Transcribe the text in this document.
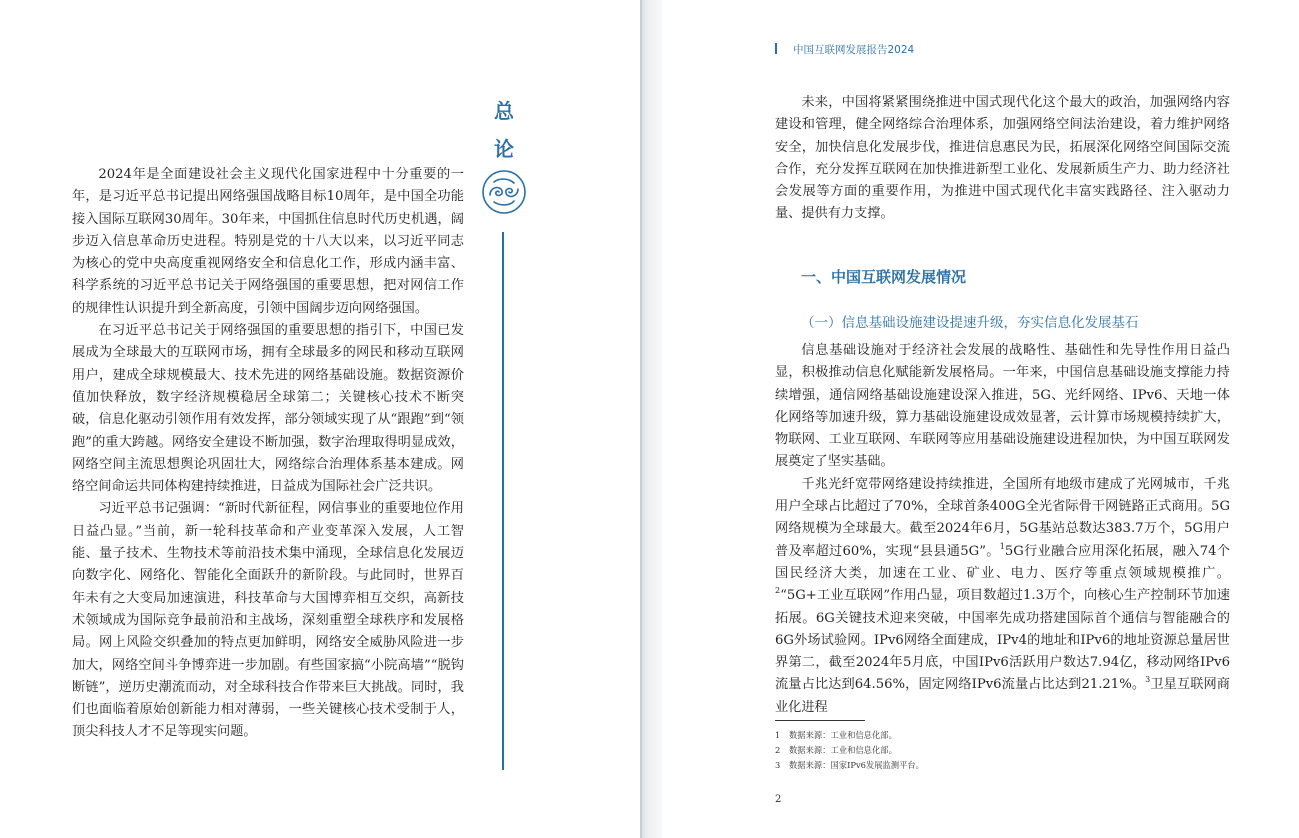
总
论

2024年是全面建设社会主义现代化国家进程中十分重要的一年，是习近平总书记提出网络强国战略目标10周年，是中国全功能接入国际互联网30周年。30年来，中国抓住信息时代历史机遇，阔步迈入信息革命历史进程。特别是党的十八大以来，以习近平同志为核心的党中央高度重视网络安全和信息化工作，形成内涵丰富、科学系统的习近平总书记关于网络强国的重要思想，把对网信工作的规律性认识提升到全新高度，引领中国阔步迈向网络强国。

在习近平总书记关于网络强国的重要思想的指引下，中国已发展成为全球最大的互联网市场，拥有全球最多的网民和移动互联网用户，建成全球规模最大、技术先进的网络基础设施。数据资源价值加快释放，数字经济规模稳居全球第二；关键核心技术不断突破，信息化驱动引领作用有效发挥，部分领域实现了从“跟跑”到“领跑”的重大跨越。网络安全建设不断加强，数字治理取得明显成效，网络空间主流思想舆论巩固壮大，网络综合治理体系基本建成。网络空间命运共同体构建持续推进，日益成为国际社会广泛共识。

习近平总书记强调：“新时代新征程，网信事业的重要地位作用日益凸显。”当前，新一轮科技革命和产业变革深入发展，人工智能、量子技术、生物技术等前沿技术集中涌现，全球信息化发展迈向数字化、网络化、智能化全面跃升的新阶段。与此同时，世界百年未有之大变局加速演进，科技革命与大国博弈相互交织，高新技术领域成为国际竞争最前沿和主战场，深刻重塑全球秩序和发展格局。网上风险交织叠加的特点更加鲜明，网络安全威胁风险进一步加大，网络空间斗争博弈进一步加剧。有些国家搞“小院高墙”“脱钩断链”，逆历史潮流而动，对全球科技合作带来巨大挑战。同时，我们也面临着原始创新能力相对薄弱，一些关键核心技术受制于人，顶尖科技人才不足等现实问题。

中国互联网发展报告2024

未来，中国将紧紧围绕推进中国式现代化这个最大的政治，加强网络内容建设和管理，健全网络综合治理体系，加强网络空间法治建设，着力维护网络安全，加快信息化发展步伐，推进信息惠民为民，拓展深化网络空间国际交流合作，充分发挥互联网在加快推进新型工业化、发展新质生产力、助力经济社会发展等方面的重要作用，为推进中国式现代化丰富实践路径、注入驱动力量、提供有力支撑。

一、中国互联网发展情况
（一）信息基础设施建设提速升级，夯实信息化发展基石

信息基础设施对于经济社会发展的战略性、基础性和先导性作用日益凸显，积极推动信息化赋能新发展格局。一年来，中国信息基础设施支撑能力持续增强，通信网络基础设施建设深入推进，5G、光纤网络、IPv6、天地一体化网络等加速升级，算力基础设施建设成效显著，云计算市场规模持续扩大，物联网、工业互联网、车联网等应用基础设施建设进程加快，为中国互联网发展奠定了坚实基础。

千兆光纤宽带网络建设持续推进，全国所有地级市建成了光网城市，千兆用户全球占比超过了70%，全球首条400G全光省际骨干网链路正式商用。5G网络规模为全球最大。截至2024年6月，5G基站总数达383.7万个，5G用户普及率超过60%，实现“县县通5G”。$^1$5G行业融合应用深化拓展，融入74个国民经济大类，加速在工业、矿业、电力、医疗等重点领域规模推广。$^2$“5G+工业互联网”作用凸显，项目数超过1.3万个，向核心生产控制环节加速拓展。6G关键技术迎来突破，中国率先成功搭建国际首个通信与智能融合的6G外场试验网。IPv6网络全面建成，IPv4的地址和IPv6的地址资源总量居世界第二，截至2024年5月底，中国IPv6活跃用户数达7.94亿，移动网络IPv6流量占比达到64.56%，固定网络IPv6流量占比达到21.21%。$^3$卫星互联网商业化进程

1 数据来源：工业和信息化部。
2 数据来源：工业和信息化部。
3 数据来源：国家IPv6发展监测平台。
2
